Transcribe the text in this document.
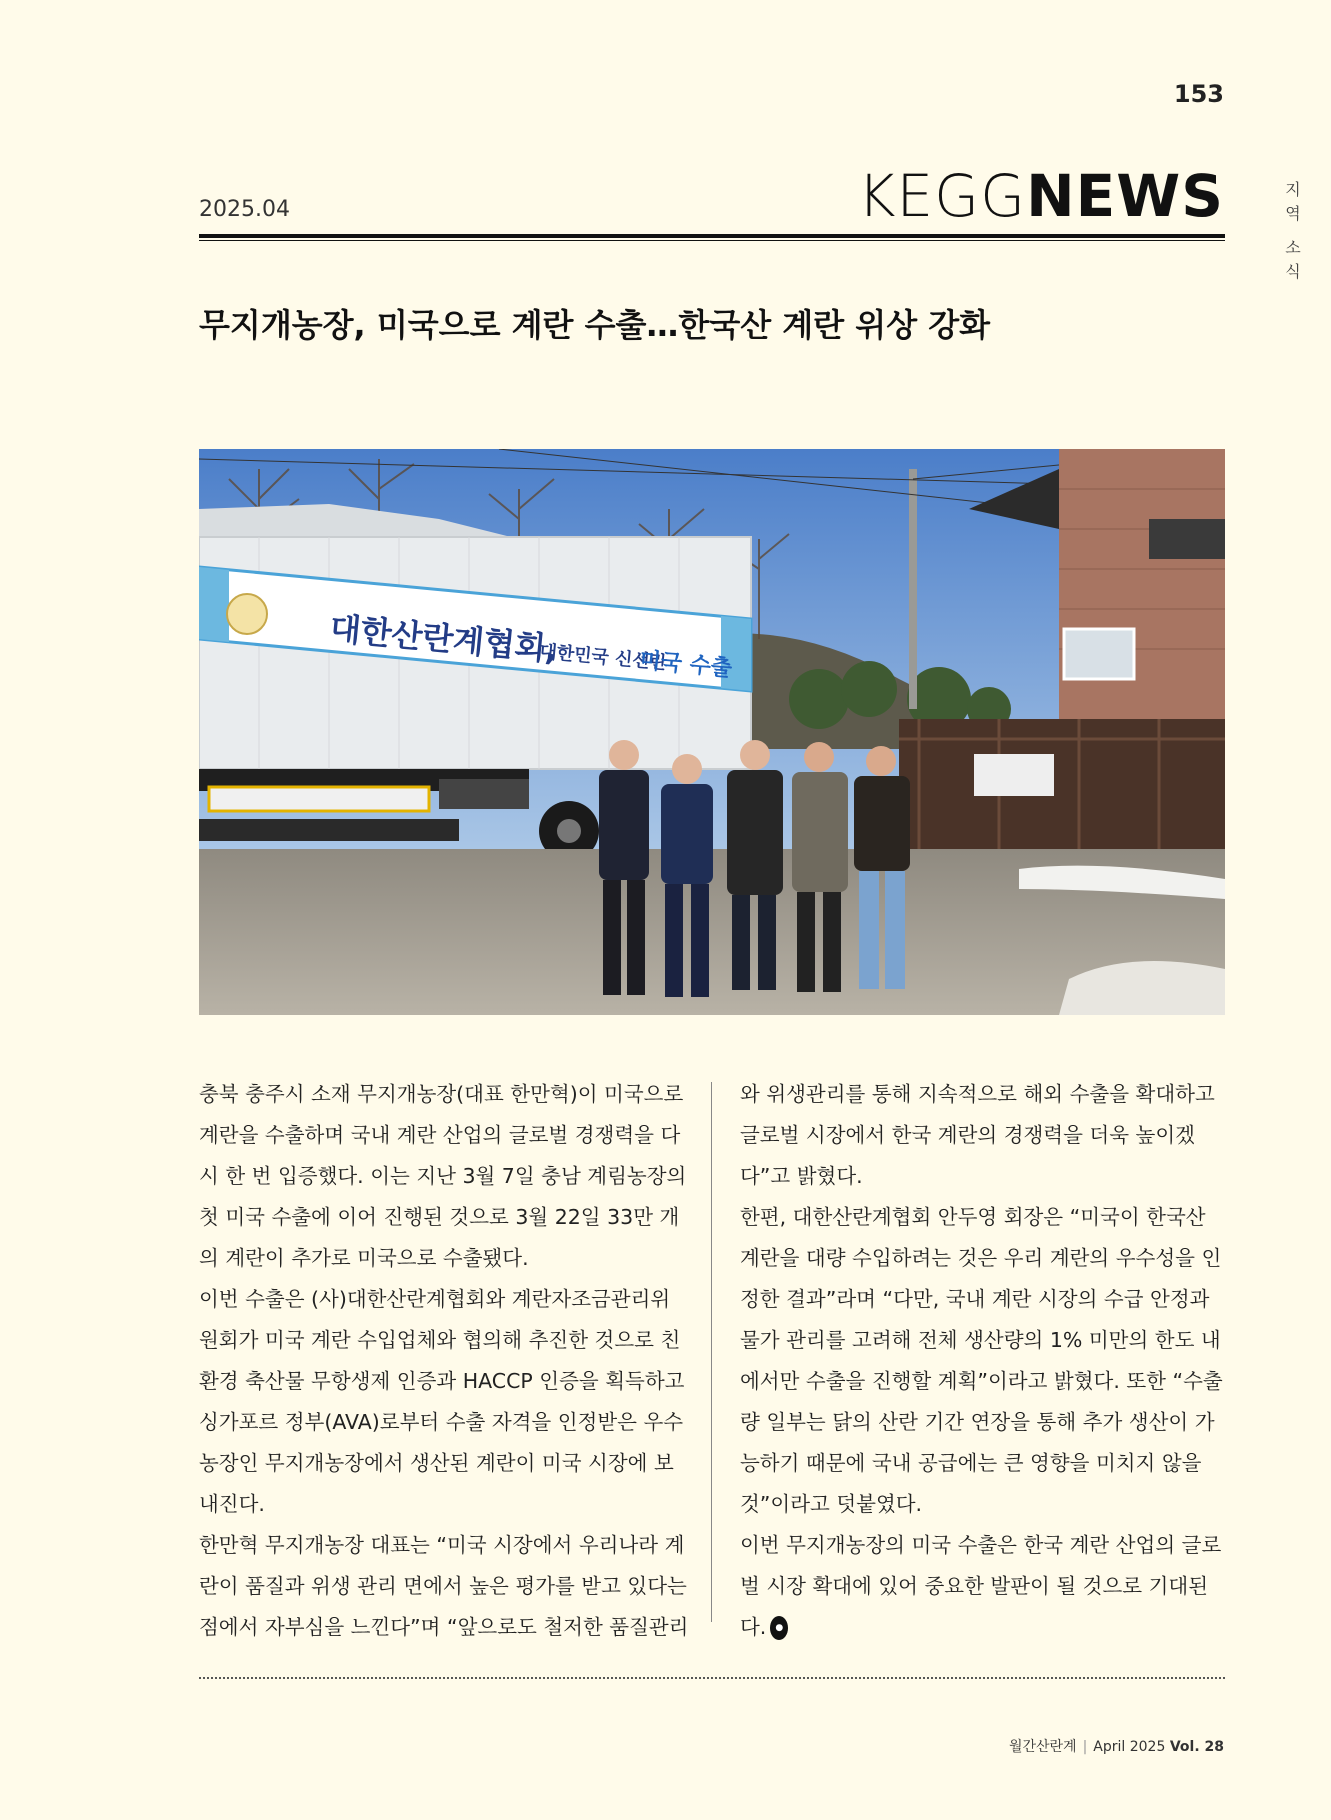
153
지
역
소
식
2025.04	KEGGNEWS
무지개농장, 미국으로 계란 수출…한국산 계란 위상 강화
대한산란계협회,
대한민국 신선란
미국 수출

충북 충주시 소재 무지개농장(대표 한만혁)이 미국으로 계란을 수출하며 국내 계란 산업의 글로벌 경쟁력을 다시 한 번 입증했다. 이는 지난 3월 7일 충남 계림농장의 첫 미국 수출에 이어 진행된 것으로 3월 22일 33만 개의 계란이 추가로 미국으로 수출됐다.

이번 수출은 (사)대한산란계협회와 계란자조금관리위원회가 미국 계란 수입업체와 협의해 추진한 것으로 친환경 축산물 무항생제 인증과 HACCP 인증을 획득하고 싱가포르 정부(AVA)로부터 수출 자격을 인정받은 우수 농장인 무지개농장에서 생산된 계란이 미국 시장에 보내진다.

한만혁 무지개농장 대표는 “미국 시장에서 우리나라 계란이 품질과 위생 관리 면에서 높은 평가를 받고 있다는 점에서 자부심을 느낀다”며 “앞으로도 철저한 품질관리

와 위생관리를 통해 지속적으로 해외 수출을 확대하고 글로벌 시장에서 한국 계란의 경쟁력을 더욱 높이겠다”고 밝혔다.

한편, 대한산란계협회 안두영 회장은 “미국이 한국산 계란을 대량 수입하려는 것은 우리 계란의 우수성을 인정한 결과”라며 “다만, 국내 계란 시장의 수급 안정과 물가 관리를 고려해 전체 생산량의 1% 미만의 한도 내에서만 수출을 진행할 계획”이라고 밝혔다. 또한 “수출량 일부는 닭의 산란 기간 연장을 통해 추가 생산이 가능하기 때문에 국내 공급에는 큰 영향을 미치지 않을 것”이라고 덧붙였다.

이번 무지개농장의 미국 수출은 한국 계란 산업의 글로벌 시장 확대에 있어 중요한 발판이 될 것으로 기대된다. ●

월간산란계 | April 2025 Vol. 28
